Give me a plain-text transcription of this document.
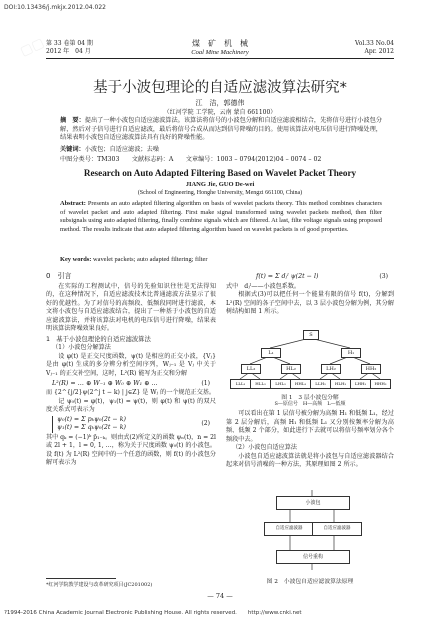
▢▢
DOI:10.13436/j.mkjx.2012.04.022
第 33 卷第 04 期
2012 年　04 月
煤　矿　机　械
Coal Mine Machinery
Vol.33 No.04
Apr. 2012
基于小波包理论的自适应滤波算法研究*
江　洁，郭德伟
（红河学院 工学院，云南 蒙自 661100）
摘　要：提出了一种小波包自适应滤波算法。该算法将信号的小波包分解和自适应滤波相结合，先将信号进行小波包分解，然后对子信号进行自适应滤波，最后将信号合成从而达到信号降噪的目的。使用该算法对电压信号进行降噪处理，结果表明小波包自适应滤波算法具有良好的降噪性能。
关键词：小波包；自适应滤波；去噪
中图分类号：TM303　　文献标志码：A　　文章编号：1003 – 0794(2012)04 – 0074 – 02
Research on Auto Adapted Filtering Based on Wavelet Packet Theory
JIANG Jie, GUO De-wei
(School of Engineering, Honghe University, Mengzi 661100, China)
Abstract: Presents an auto adapted filtering algorithm on basis of wavelet packets theory. This method combines characters of wavelet packet and auto adapted filtering. First make signal transformed using wavelet packets method, then filter subsignals using auto adapted filtering, finally combine signals which are filtered. At last, filte voltage signals using proposed method. The results indicate that auto adapted filtering algorithm based on wavelet packets is of good properties.
Key words: wavelet packets; auto adapted filtering; filter
0　引言

在实际的工程测试中，信号的先验知识往往是无法得知的，在这种情况下，自适应滤波技术比普通滤波方法显示了很好的优越性。为了对信号的高频段、低频段同时进行滤波，本文将小波包与自适应滤波结合，提出了一种基于小波包的自适应滤波算法，并将该算法对电机的电压信号进行降噪，结果表明该算法降噪效果良好。

1　基于小波包理论的自适应滤波算法
（1）小波包分解算法

设 φ(t) 是正交尺度函数，ψ(t) 是相应的正交小波，{Vⱼ} 是由 φ(t) 生成的多分辨分析空间序列，Wⱼ₋₁ 是 Vⱼ 中关于 Vⱼ₋₁ 的正交补空间，这时，L²(R) 能写为正交和分解

L²(R) = … ⊕ W₋₁ ⊕ W₀ ⊕ W₁ ⊕ …	(1)

而 {2^{j/2}ψ(2^j t − k) | j∈Z} 是 Wⱼ 的一个规范正交基。

记 ψ₀(t) = φ(t)，ψ₁(t) = ψ(t)，则 φ(t) 和 ψ(t) 的双尺度关系式可表示为

ψ₀(t) = Σ pₖψ₀(2t − k)
ψ₁(t) = Σ qₖψ₀(2t − k)
(2)

其中 qₖ = (−1)ᵏ p̄₁₋ₖ。则由式(2)所定义的函数 ψₙ(t)，n = 2l 或 2l + 1，l = 0, 1, …，称为关于尺度函数 ψ₀(t) 的小波包。设 f(t) 为 L²(R) 空间中的一个任意的函数，则 f(t) 的小波包分解可表示为

*红河学院教学建设与改革研究项目(JC201002)
f(t) = Σ dⱼˡ ψ(2t − l)	(3)

式中　dⱼˡ——小波包系数。

根据式(3)可以把任何一个能量有限的信号 f(t)，分解到 L²(R) 空间的各子空间中去，以 3 层小波包分解为例，其分解树结构如图 1 所示。

S
L₁	H₁
LL₂	HL₂	LH₂	HH₂
LLL₃	HLL₃	LHL₃	HHL₃	LLH₃	HLH₃	LHH₃	HHH₃
图 1　3 层小波包分解
S—原信号　H—高频　L—低频

可以看出在第 1 层信号被分解为高频 H₁ 和低频 L₁，经过第 2 层分解后，高频 H₁ 和低频 L₁ 又分别按频率分解为高频、低频 2 个部分，如此进行下去就可以将信号频率划分各个频段中去。

（2）小波包自适应算法

小波包自适应滤波算法就是将小波包与自适应滤波器结合起来对信号消噪的一种方法，其原理如图 2 所示。

小波包
自适应滤波器	自适应滤波器
信号重构
图 2　小波包自适应滤波算法原理
— 74 —
?1994-2016 China Academic Journal Electronic Publishing House. All rights reserved.　　http://www.cnki.net
